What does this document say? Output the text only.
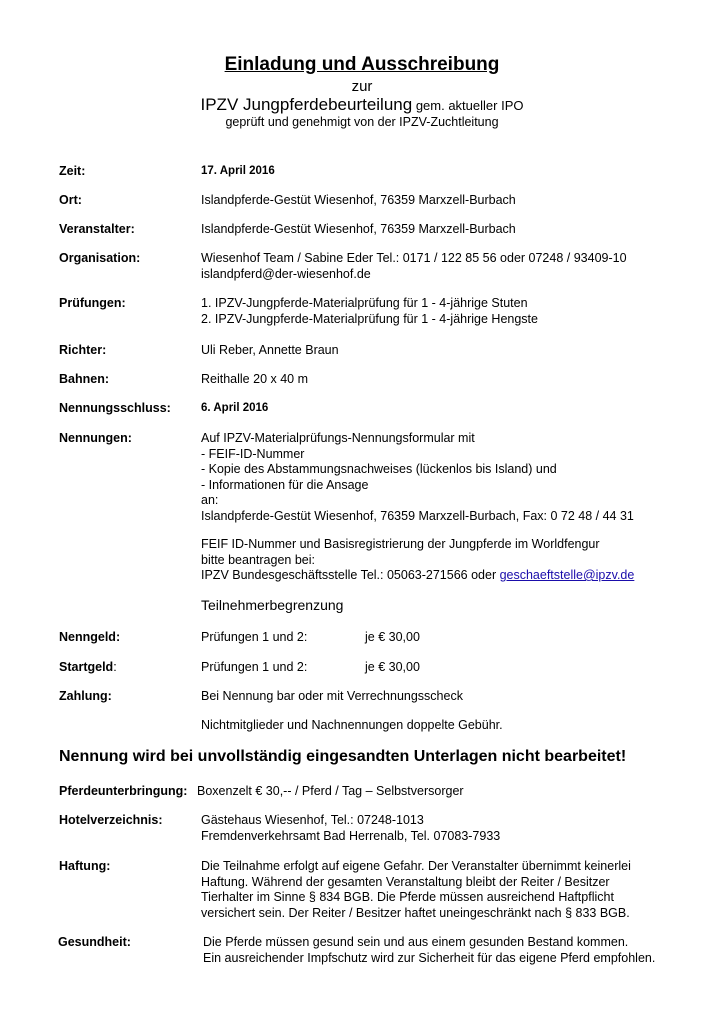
Einladung und Ausschreibung
zur
IPZV Jungpferdebeurteilung gem. aktueller IPO
geprüft und genehmigt von der IPZV-Zuchtleitung
Zeit:	17. April 2016
Ort:	Islandpferde-Gestüt Wiesenhof, 76359 Marxzell-Burbach
Veranstalter:	Islandpferde-Gestüt Wiesenhof, 76359 Marxzell-Burbach
Organisation:	Wiesenhof Team / Sabine Eder Tel.: 0171 / 122 85 56 oder 07248 / 93409-10
islandpferd@der-wiesenhof.de
Prüfungen:	1. IPZV-Jungpferde-Materialprüfung für 1 - 4-jährige Stuten
2. IPZV-Jungpferde-Materialprüfung für 1 - 4-jährige Hengste
Richter:	Uli Reber, Annette Braun
Bahnen:	Reithalle 20 x 40 m
Nennungsschluss:	6. April 2016
Nennungen:	Auf IPZV-Materialprüfungs-Nennungsformular mit
- FEIF-ID-Nummer
- Kopie des Abstammungsnachweises (lückenlos bis Island) und
- Informationen für die Ansage
an:
Islandpferde-Gestüt Wiesenhof, 76359 Marxzell-Burbach, Fax: 0 72 48 / 44 31
FEIF ID-Nummer und Basisregistrierung der Jungpferde im Worldfengur
bitte beantragen bei:
IPZV Bundesgeschäftsstelle Tel.: 05063-271566 oder geschaeftstelle@ipzv.de
Teilnehmerbegrenzung
Nenngeld:	Prüfungen 1 und 2:	je € 30,00
Startgeld:	Prüfungen 1 und 2:	je € 30,00
Zahlung:	Bei Nennung bar oder mit Verrechnungsscheck
Nichtmitglieder und Nachnennungen doppelte Gebühr.
Nennung wird bei unvollständig eingesandten Unterlagen nicht bearbeitet!
Pferdeunterbringung: Boxenzelt € 30,-- / Pferd / Tag – Selbstversorger
Hotelverzeichnis:	Gästehaus Wiesenhof, Tel.: 07248-1013
Fremdenverkehrsamt Bad Herrenalb, Tel. 07083-7933
Haftung:	Die Teilnahme erfolgt auf eigene Gefahr. Der Veranstalter übernimmt keinerlei
Haftung. Während der gesamten Veranstaltung bleibt der Reiter / Besitzer
Tierhalter im Sinne § 834 BGB. Die Pferde müssen ausreichend Haftpflicht
versichert sein. Der Reiter / Besitzer haftet uneingeschränkt nach § 833 BGB.
Gesundheit:	Die Pferde müssen gesund sein und aus einem gesunden Bestand kommen.
Ein ausreichender Impfschutz wird zur Sicherheit für das eigene Pferd empfohlen.
